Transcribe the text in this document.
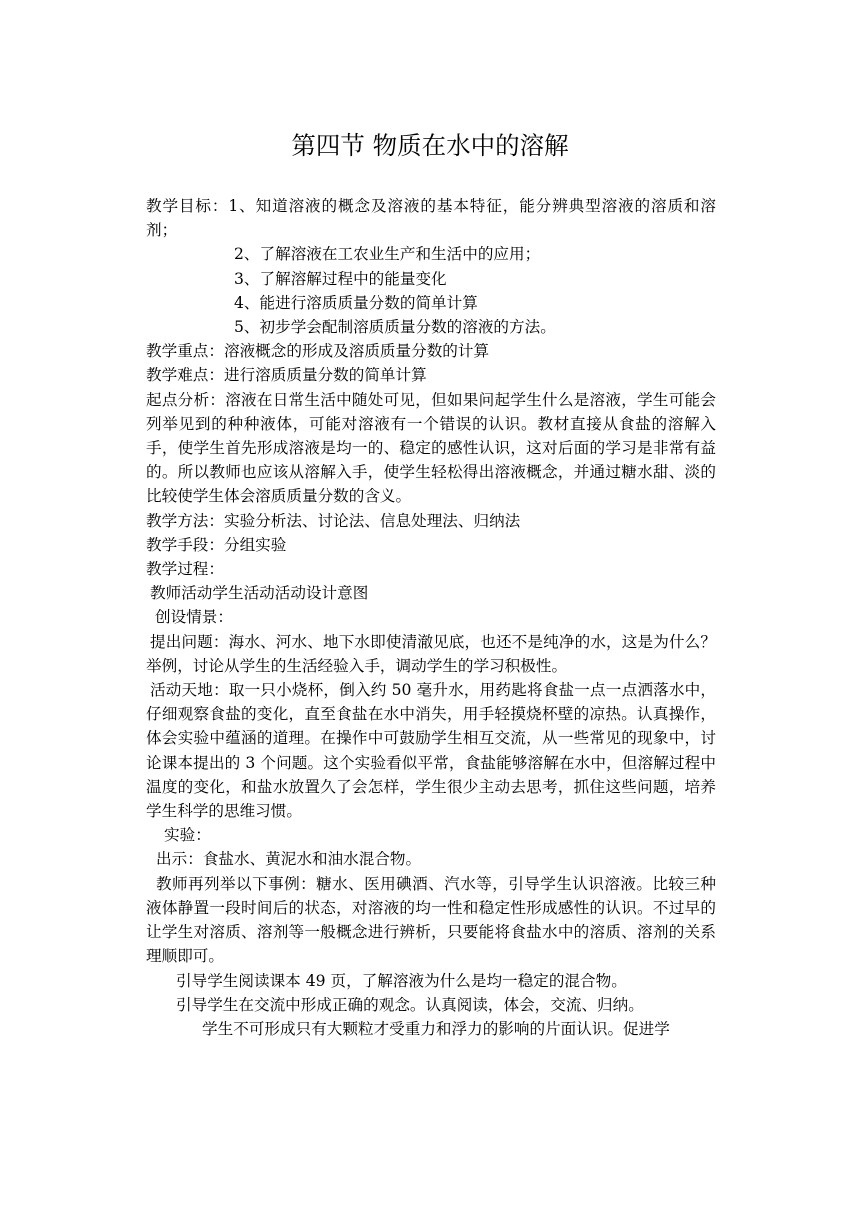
第四节 物质在水中的溶解

教学目标：1、知道溶液的概念及溶液的基本特征，能分辨典型溶液的溶质和溶剂；

2、了解溶液在工农业生产和生活中的应用；

3、了解溶解过程中的能量变化

4、能进行溶质质量分数的简单计算

5、初步学会配制溶质质量分数的溶液的方法。

教学重点：溶液概念的形成及溶质质量分数的计算

教学难点：进行溶质质量分数的简单计算

起点分析：溶液在日常生活中随处可见，但如果问起学生什么是溶液，学生可能会列举见到的种种液体，可能对溶液有一个错误的认识。教材直接从食盐的溶解入手，使学生首先形成溶液是均一的、稳定的感性认识，这对后面的学习是非常有益的。所以教师也应该从溶解入手，使学生轻松得出溶液概念，并通过糖水甜、淡的比较使学生体会溶质质量分数的含义。

教学方法：实验分析法、讨论法、信息处理法、归纳法

教学手段：分组实验

教学过程：

教师活动学生活动活动设计意图

创设情景：

提出问题：海水、河水、地下水即使清澈见底，也还不是纯净的水，这是为什么？举例，讨论从学生的生活经验入手，调动学生的学习积极性。

活动天地：取一只小烧杯，倒入约 50 毫升水，用药匙将食盐一点一点洒落水中，仔细观察食盐的变化，直至食盐在水中消失，用手轻摸烧杯壁的凉热。认真操作，体会实验中蕴涵的道理。在操作中可鼓励学生相互交流，从一些常见的现象中，讨论课本提出的 3 个问题。这个实验看似平常，食盐能够溶解在水中，但溶解过程中温度的变化，和盐水放置久了会怎样，学生很少主动去思考，抓住这些问题，培养学生科学的思维习惯。

实验：

出示：食盐水、黄泥水和油水混合物。

教师再列举以下事例：糖水、医用碘酒、汽水等，引导学生认识溶液。比较三种液体静置一段时间后的状态，对溶液的均一性和稳定性形成感性的认识。不过早的让学生对溶质、溶剂等一般概念进行辨析，只要能将食盐水中的溶质、溶剂的关系理顺即可。

引导学生阅读课本 49 页，了解溶液为什么是均一稳定的混合物。

引导学生在交流中形成正确的观念。认真阅读，体会，交流、归纳。

学生不可形成只有大颗粒才受重力和浮力的影响的片面认识。促进学
